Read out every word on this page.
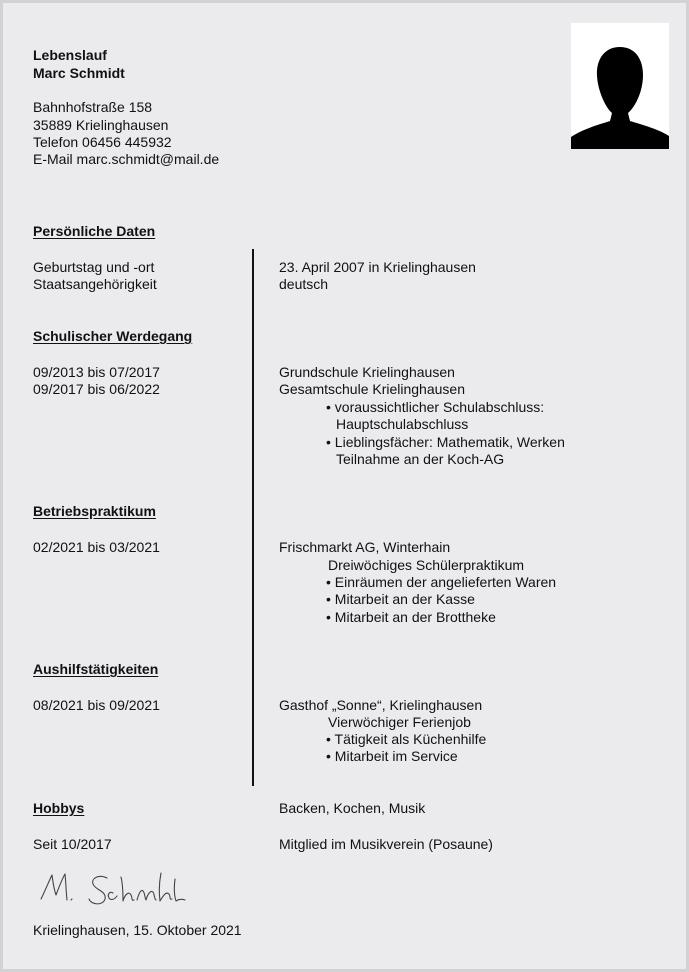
Lebenslauf
Marc Schmidt
Bahnhofstraße 158
35889 Krielinghausen
Telefon 06456 445932
E-Mail marc.schmidt@mail.de
Persönliche Daten
Geburtstag und -ort	23. April 2007 in Krielinghausen
Staatsangehörigkeit	deutsch
Schulischer Werdegang
09/2013 bis 07/2017	Grundschule Krielinghausen
09/2017 bis 06/2022	Gesamtschule Krielinghausen
• voraussichtlicher Schulabschluss:
Hauptschulabschluss
• Lieblingsfächer: Mathematik, Werken
Teilnahme an der Koch-AG
Betriebspraktikum
02/2021 bis 03/2021	Frischmarkt AG, Winterhain
Dreiwöchiges Schülerpraktikum
• Einräumen der angelieferten Waren
• Mitarbeit an der Kasse
• Mitarbeit an der Brottheke
Aushilfstätigkeiten
08/2021 bis 09/2021	Gasthof „Sonne“, Krielinghausen
Vierwöchiger Ferienjob
• Tätigkeit als Küchenhilfe
• Mitarbeit im Service
Hobbys	Backen, Kochen, Musik
Seit 10/2017	Mitglied im Musikverein (Posaune)
Krielinghausen, 15. Oktober 2021
